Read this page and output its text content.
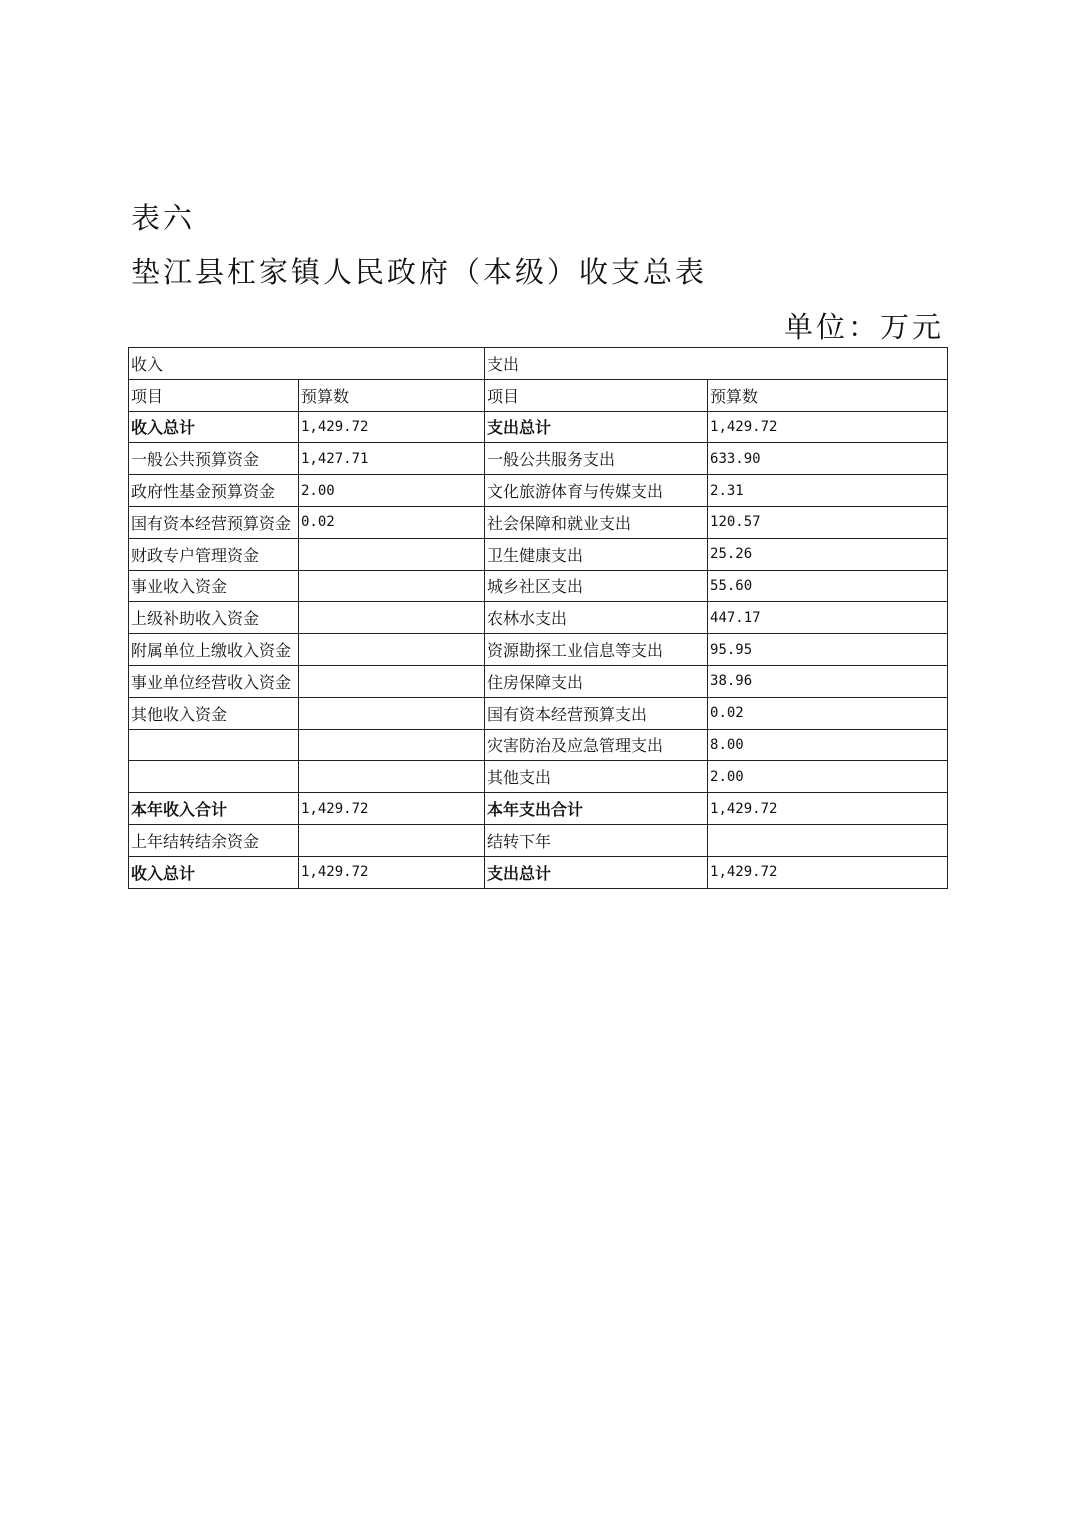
表六
垫江县杠家镇人民政府（本级）收支总表
单位：万元
收入		支出	
项目	预算数	项目	预算数
收入总计	1,429.72	支出总计	1,429.72
一般公共预算资金	1,427.71	一般公共服务支出	633.90
政府性基金预算资金	2.00	文化旅游体育与传媒支出	2.31
国有资本经营预算资金	0.02	社会保障和就业支出	120.57
财政专户管理资金		卫生健康支出	25.26
事业收入资金		城乡社区支出	55.60
上级补助收入资金		农林水支出	447.17
附属单位上缴收入资金		资源勘探工业信息等支出	95.95
事业单位经营收入资金		住房保障支出	38.96
其他收入资金		国有资本经营预算支出	0.02
		灾害防治及应急管理支出	8.00
		其他支出	2.00
本年收入合计	1,429.72	本年支出合计	1,429.72
上年结转结余资金		结转下年	
收入总计	1,429.72	支出总计	1,429.72
